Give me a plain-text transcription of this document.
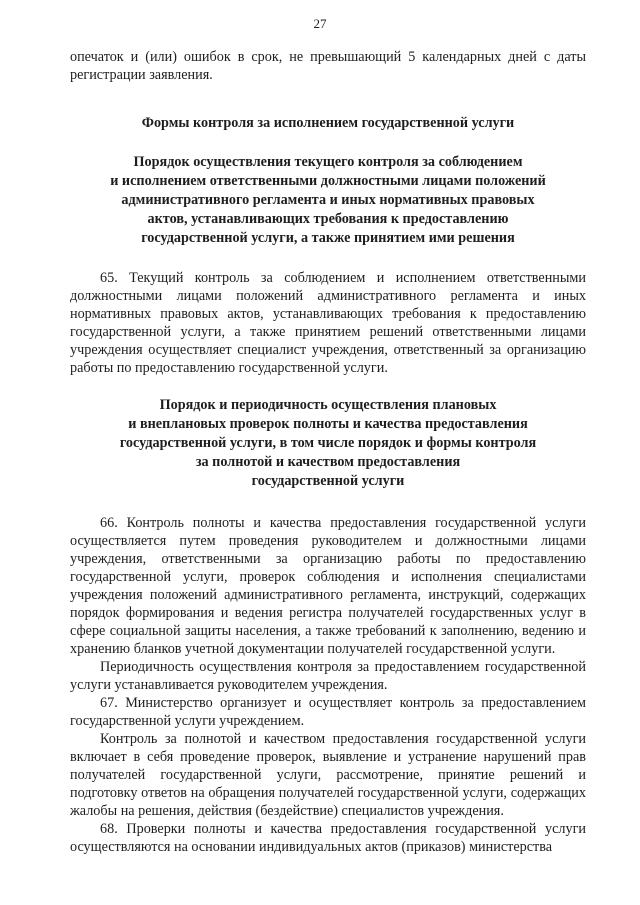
27

опечаток и (или) ошибок в срок, не превышающий 5 календарных дней с даты регистрации заявления.

Формы контроля за исполнением государственной услуги
Порядок осуществления текущего контроля за соблюдением
и исполнением ответственными должностными лицами положений
административного регламента и иных нормативных правовых
актов, устанавливающих требования к предоставлению
государственной услуги, а также принятием ими решения

65. Текущий контроль за соблюдением и исполнением ответственными должностными лицами положений административного регламента и иных нормативных правовых актов, устанавливающих требования к предоставлению государственной услуги, а также принятием решений ответственными лицами учреждения осуществляет специалист учреждения, ответственный за организацию работы по предоставлению государственной услуги.

Порядок и периодичность осуществления плановых
и внеплановых проверок полноты и качества предоставления
государственной услуги, в том числе порядок и формы контроля
за полнотой и качеством предоставления
государственной услуги

66. Контроль полноты и качества предоставления государственной услуги осуществляется путем проведения руководителем и должностными лицами учреждения, ответственными за организацию работы по предоставлению государственной услуги, проверок соблюдения и исполнения специалистами учреждения положений административного регламента, инструкций, содержащих порядок формирования и ведения регистра получателей государственных услуг в сфере социальной защиты населения, а также требований к заполнению, ведению и хранению бланков учетной документации получателей государственной услуги.

Периодичность осуществления контроля за предоставлением государственной услуги устанавливается руководителем учреждения.

67. Министерство организует и осуществляет контроль за предоставлением государственной услуги учреждением.

Контроль за полнотой и качеством предоставления государственной услуги включает в себя проведение проверок, выявление и устранение нарушений прав получателей государственной услуги, рассмотрение, принятие решений и подготовку ответов на обращения получателей государственной услуги, содержащих жалобы на решения, действия (бездействие) специалистов учреждения.

68. Проверки полноты и качества предоставления государственной услуги осуществляются на основании индивидуальных актов (приказов) министерства
